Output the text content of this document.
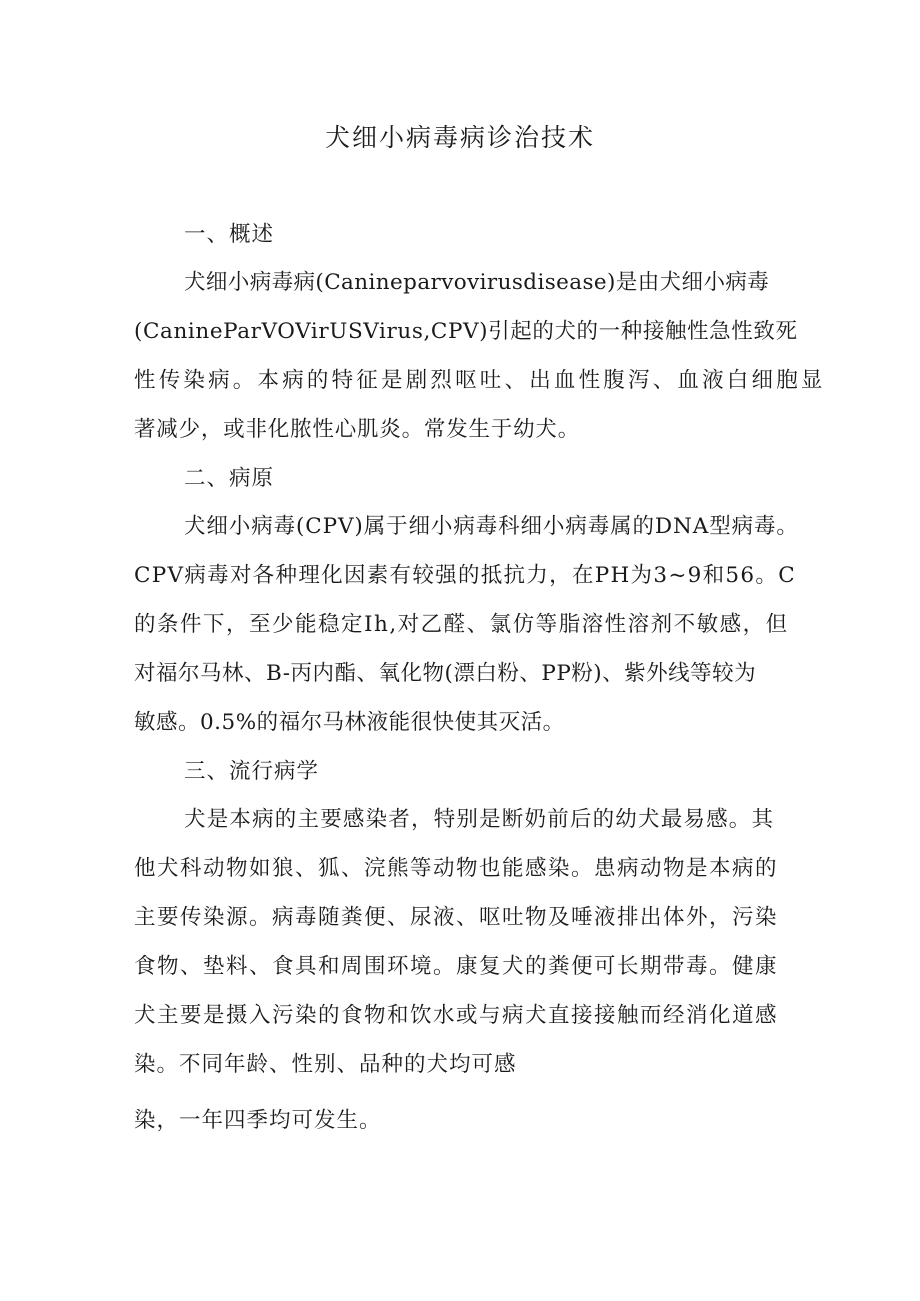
犬细小病毒病诊治技术
一、概述
犬细小病毒病(Canineparvovirusdisease)是由犬细小病毒
(CanineParVOVirUSVirus,CPV)引起的犬的一种接触性急性致死
性传染病。本病的特征是剧烈呕吐、出血性腹泻、血液白细胞显
著减少，或非化脓性心肌炎。常发生于幼犬。
二、病原
犬细小病毒(CPV)属于细小病毒科细小病毒属的DNA型病毒。
CPV病毒对各种理化因素有较强的抵抗力，在PH为3~9和56。C
的条件下，至少能稳定Ih,对乙醛、氯仿等脂溶性溶剂不敏感，但
对福尔马林、B-丙内酯、氧化物(漂白粉、PP粉)、紫外线等较为
敏感。0.5%的福尔马林液能很快使其灭活。
三、流行病学
犬是本病的主要感染者，特别是断奶前后的幼犬最易感。其
他犬科动物如狼、狐、浣熊等动物也能感染。患病动物是本病的
主要传染源。病毒随粪便、尿液、呕吐物及唾液排出体外，污染
食物、垫料、食具和周围环境。康复犬的粪便可长期带毒。健康
犬主要是摄入污染的食物和饮水或与病犬直接接触而经消化道感
染。不同年龄、性别、品种的犬均可感
染，一年四季均可发生。
